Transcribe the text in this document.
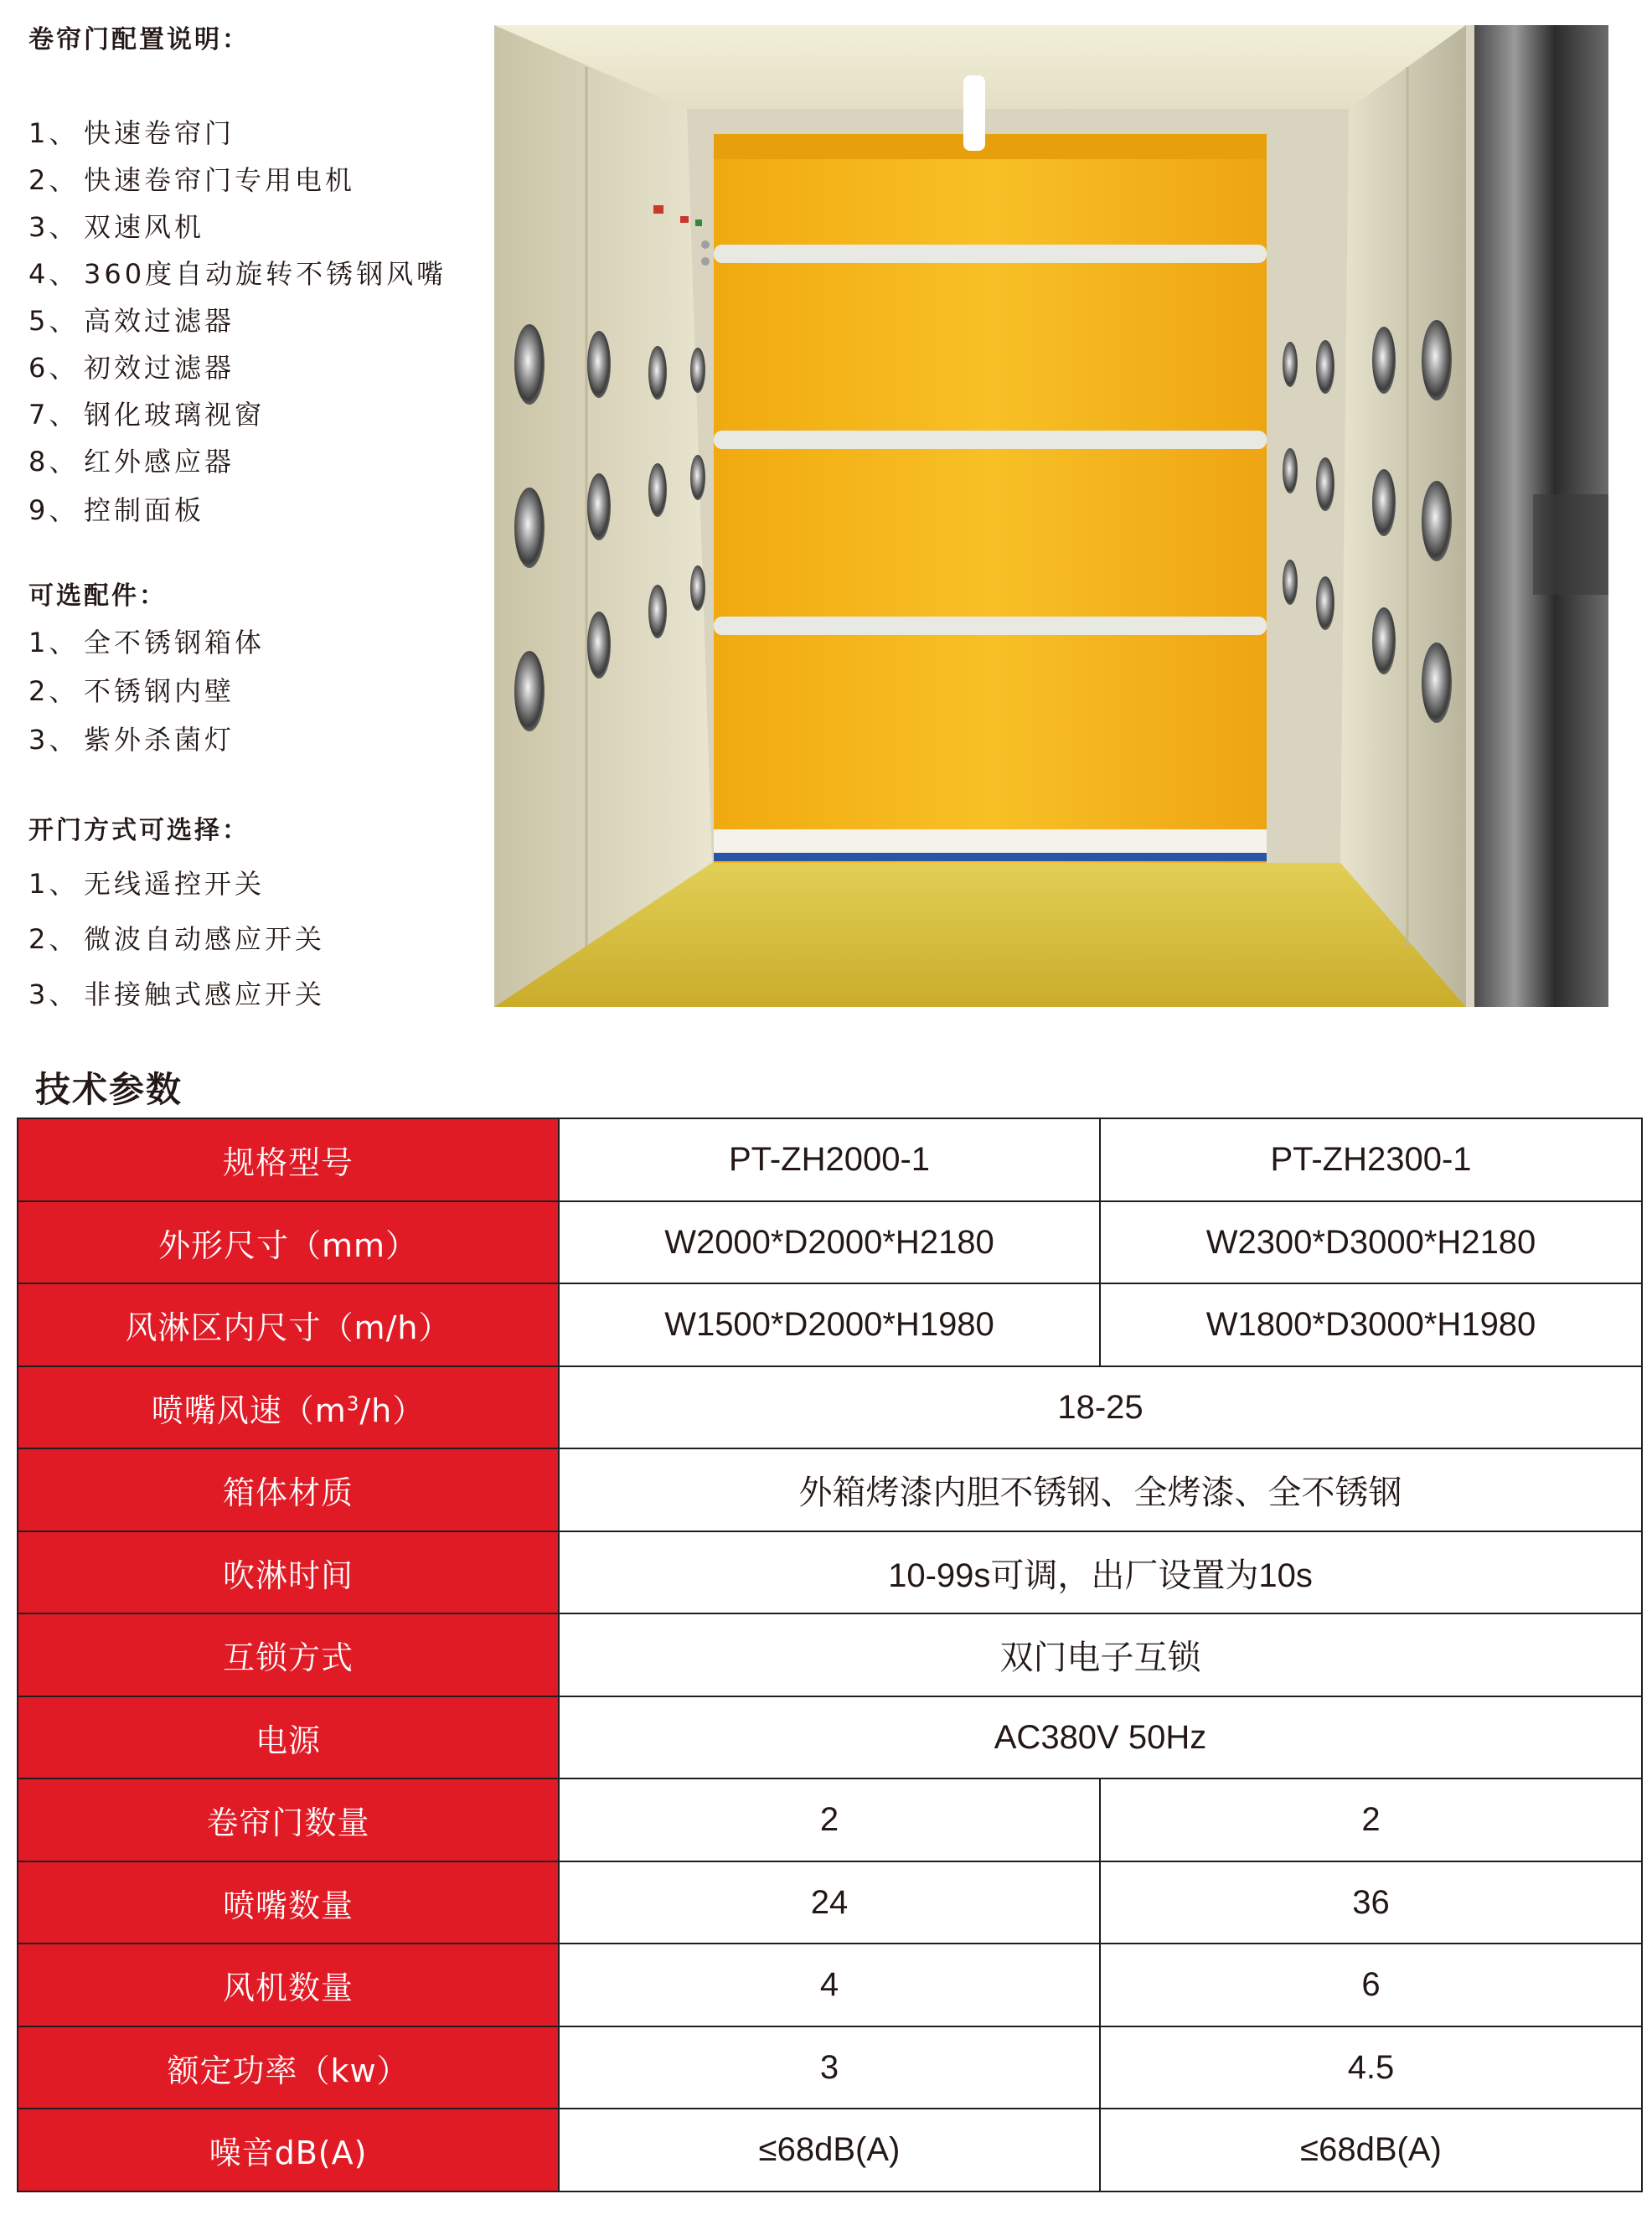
卷帘门配置说明：
1、 快速卷帘门
2、 快速卷帘门专用电机
3、 双速风机
4、 360度自动旋转不锈钢风嘴
5、 高效过滤器
6、 初效过滤器
7、 钢化玻璃视窗
8、 红外感应器
9、 控制面板
可选配件：
1、 全不锈钢箱体
2、 不锈钢内壁
3、 紫外杀菌灯
开门方式可选择：
1、 无线遥控开关
2、 微波自动感应开关
3、 非接触式感应开关
技术参数
规格型号	PT-ZH2000-1	PT-ZH2300-1
外形尺寸（mm）	W2000*D2000*H2180	W2300*D3000*H2180
风淋区内尺寸（m/h）	W1500*D2000*H1980	W1800*D3000*H1980
喷嘴风速$(m^3/h)$	18-25	
箱体材质	外箱烤漆内胆不锈钢、全烤漆、全不锈钢	
吹淋时间	10-99s可调，出厂设置为10s	
互锁方式	双门电子互锁	
电源	AC380V 50Hz	
卷帘门数量	2	2
喷嘴数量	24	36
风机数量	4	6
额定功率（kw）	3	4.5
噪音dB(A)	≤68dB(A)	≤68dB(A)
